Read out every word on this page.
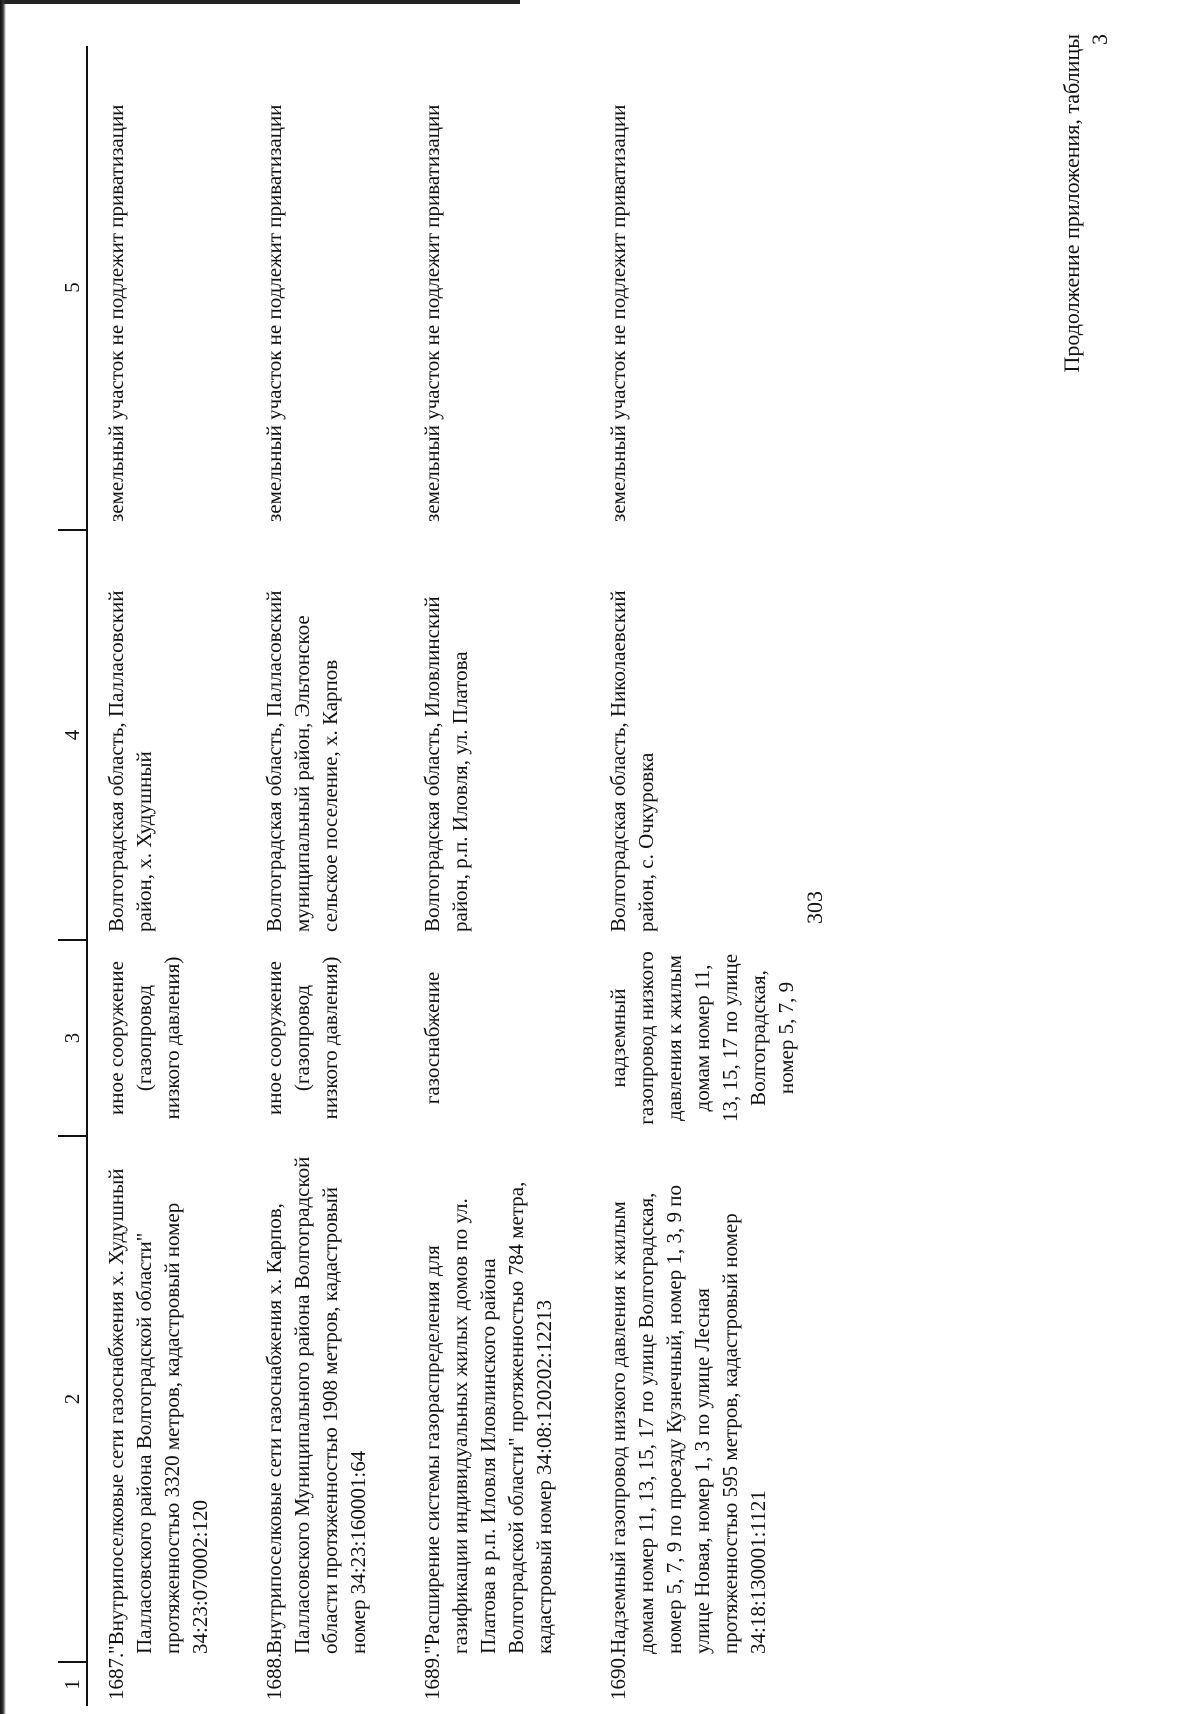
303
Продолжение приложения, таблицы 3
1	2	3	4	5
1687.	"Внутрипоселковые сети газоснабжения х. Худушный Палласовского района Волгоградской области" протяженностью 3320 метров, кадастровый номер 34:23:070002:120	иное сооружение (газопровод низкого давления)	Волгоградская область, Палласовский район, х. Худушный	земельный участок не подлежит приватизации
1688.	Внутрипоселковые сети газоснабжения х. Карпов, Палласовского Муниципального района Волгоградской области протяженностью 1908 метров, кадастровый номер 34:23:160001:64	иное сооружение (газопровод низкого давления)	Волгоградская область, Палласовский муниципальный район, Эльтонское сельское поселение, х. Карпов	земельный участок не подлежит приватизации
1689.	"Расширение системы газораспределения для газификации индивидуальных жилых домов по ул. Платова в р.п. Иловля Иловлинского района Волгоградской области" протяженностью 784 метра, кадастровый номер 34:08:120202:12213	газоснабжение	Волгоградская область, Иловлинский район, р.п. Иловля, ул. Платова	земельный участок не подлежит приватизации
1690.	Надземный газопровод низкого давления к жилым домам номер 11, 13, 15, 17 по улице Волгоградская, номер 5, 7, 9 по проезду Кузнечный, номер 1, 3, 9 по улице Новая, номер 1, 3 по улице Лесная протяженностью 595 метров, кадастровый номер 34:18:130001:1121	надземный газопровод низкого давления к жилым домам номер 11, 13, 15, 17 по улице Волгоградская, номер 5, 7, 9	Волгоградская область, Николаевский район, с. Очкуровка	земельный участок не подлежит приватизации
